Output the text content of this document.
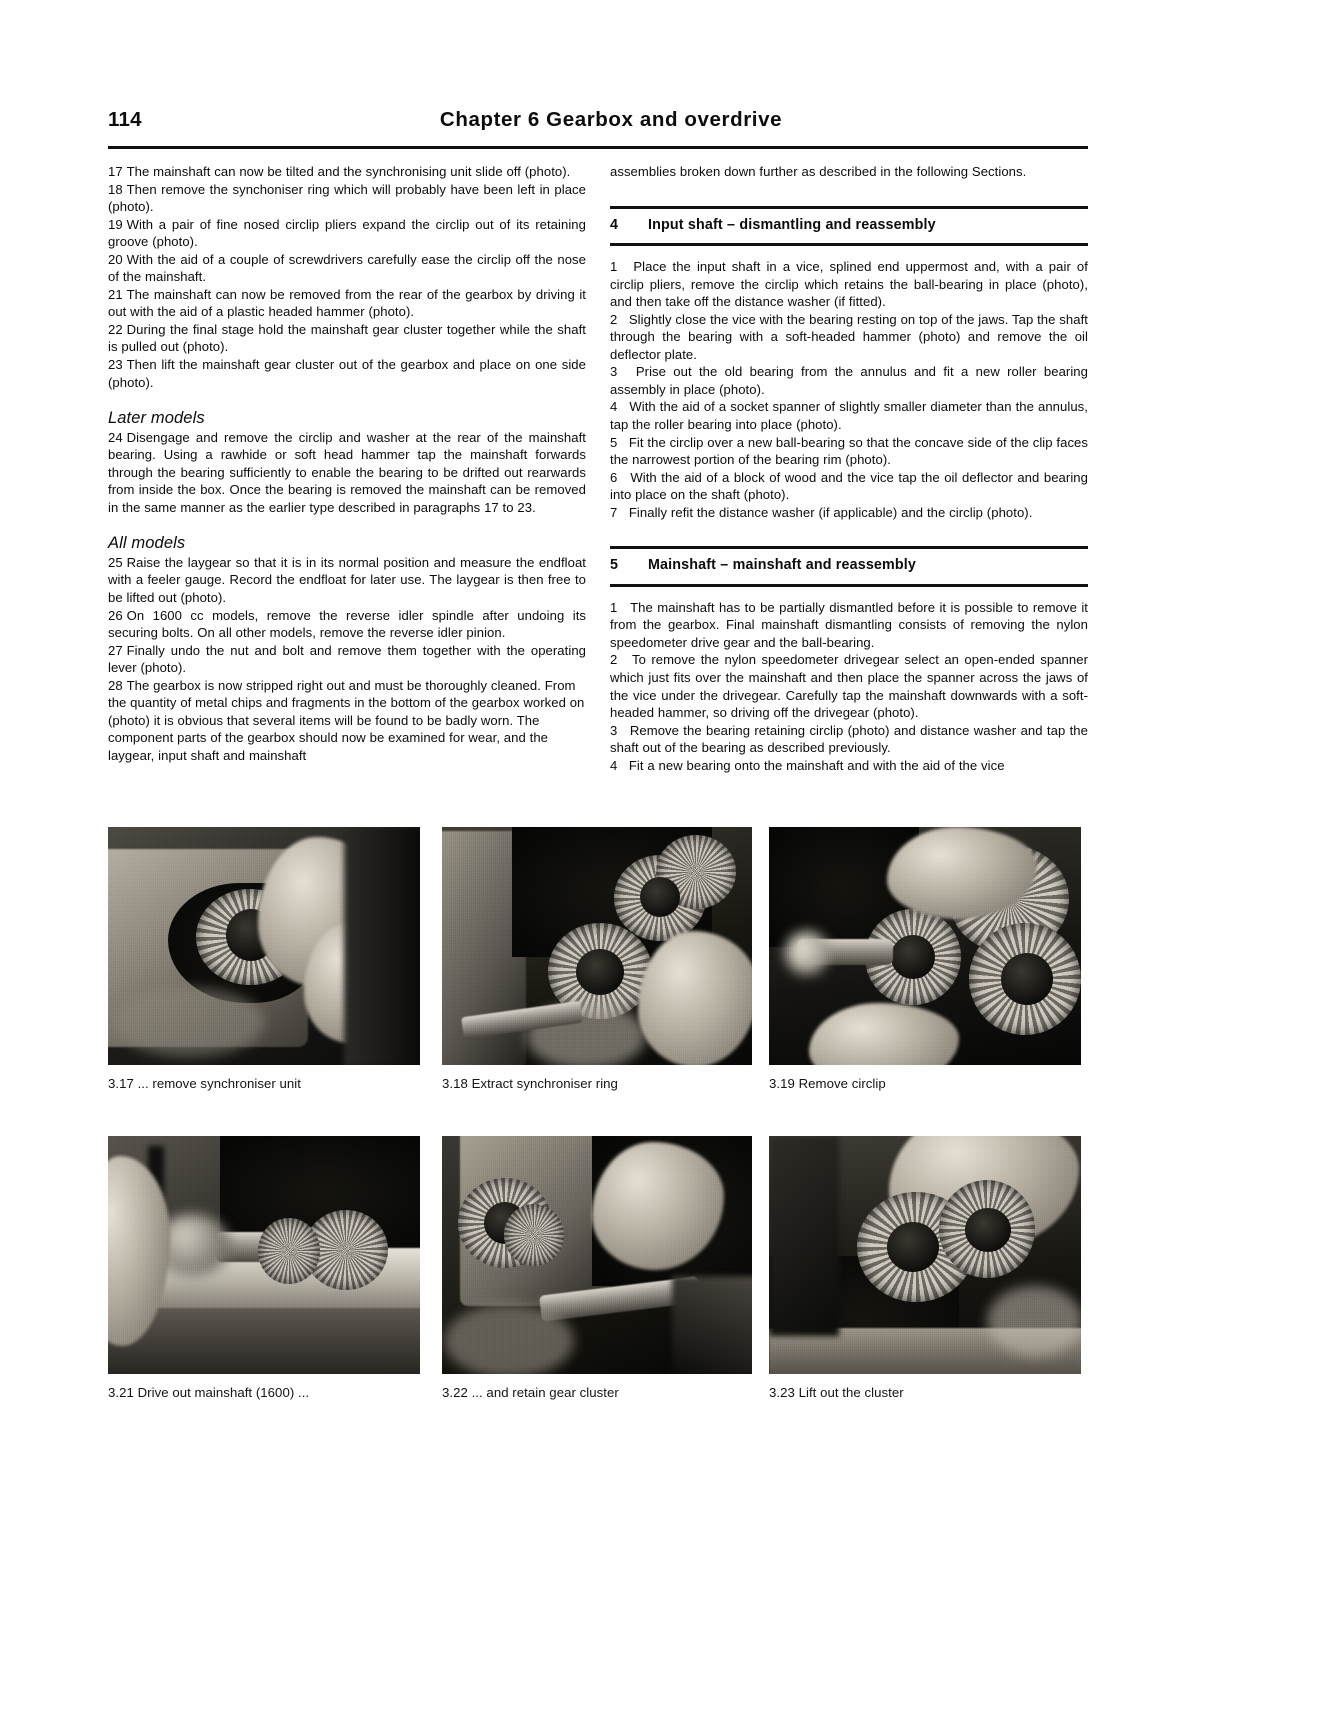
114	Chapter 6 Gearbox and overdrive

17 The mainshaft can now be tilted and the synchronising unit slide off (photo).

18 Then remove the synchoniser ring which will probably have been left in place (photo).

19 With a pair of fine nosed circlip pliers expand the circlip out of its retaining groove (photo).

20 With the aid of a couple of screwdrivers carefully ease the circlip off the nose of the mainshaft.

21 The mainshaft can now be removed from the rear of the gearbox by driving it out with the aid of a plastic headed hammer (photo).

22 During the final stage hold the mainshaft gear cluster together while the shaft is pulled out (photo).

23 Then lift the mainshaft gear cluster out of the gearbox and place on one side (photo).

Later models

24 Disengage and remove the circlip and washer at the rear of the mainshaft bearing. Using a rawhide or soft head hammer tap the mainshaft forwards through the bearing sufficiently to enable the bearing to be drifted out rearwards from inside the box. Once the bearing is removed the mainshaft can be removed in the same manner as the earlier type described in paragraphs 17 to 23.

All models

25 Raise the laygear so that it is in its normal position and measure the endfloat with a feeler gauge. Record the endfloat for later use. The laygear is then free to be lifted out (photo).

26 On 1600 cc models, remove the reverse idler spindle after undoing its securing bolts. On all other models, remove the reverse idler pinion.

27 Finally undo the nut and bolt and remove them together with the operating lever (photo).

28 The gearbox is now stripped right out and must be thoroughly cleaned. From the quantity of metal chips and fragments in the bottom of the gearbox worked on (photo) it is obvious that several items will be found to be badly worn. The component parts of the gearbox should now be examined for wear, and the laygear, input shaft and mainshaft

assemblies broken down further as described in the following Sections.

4	Input shaft – dismantling and reassembly

1 Place the input shaft in a vice, splined end uppermost and, with a pair of circlip pliers, remove the circlip which retains the ball-bearing in place (photo), and then take off the distance washer (if fitted).

2 Slightly close the vice with the bearing resting on top of the jaws. Tap the shaft through the bearing with a soft-headed hammer (photo) and remove the oil deflector plate.

3 Prise out the old bearing from the annulus and fit a new roller bearing assembly in place (photo).

4 With the aid of a socket spanner of slightly smaller diameter than the annulus, tap the roller bearing into place (photo).

5 Fit the circlip over a new ball-bearing so that the concave side of the clip faces the narrowest portion of the bearing rim (photo).

6 With the aid of a block of wood and the vice tap the oil deflector and bearing into place on the shaft (photo).

7 Finally refit the distance washer (if applicable) and the circlip (photo).

5	Mainshaft – mainshaft and reassembly

1 The mainshaft has to be partially dismantled before it is possible to remove it from the gearbox. Final mainshaft dismantling consists of removing the nylon speedometer drive gear and the ball-bearing.

2 To remove the nylon speedometer drivegear select an open-ended spanner which just fits over the mainshaft and then place the spanner across the jaws of the vice under the drivegear. Carefully tap the mainshaft downwards with a soft-headed hammer, so driving off the drivegear (photo).

3 Remove the bearing retaining circlip (photo) and distance washer and tap the shaft out of the bearing as described previously.

4 Fit a new bearing onto the mainshaft and with the aid of the vice

3.17 ... remove synchroniser unit	3.18 Extract synchroniser ring	3.19 Remove circlip
3.21 Drive out mainshaft (1600) ...	3.22 ... and retain gear cluster	3.23 Lift out the cluster
